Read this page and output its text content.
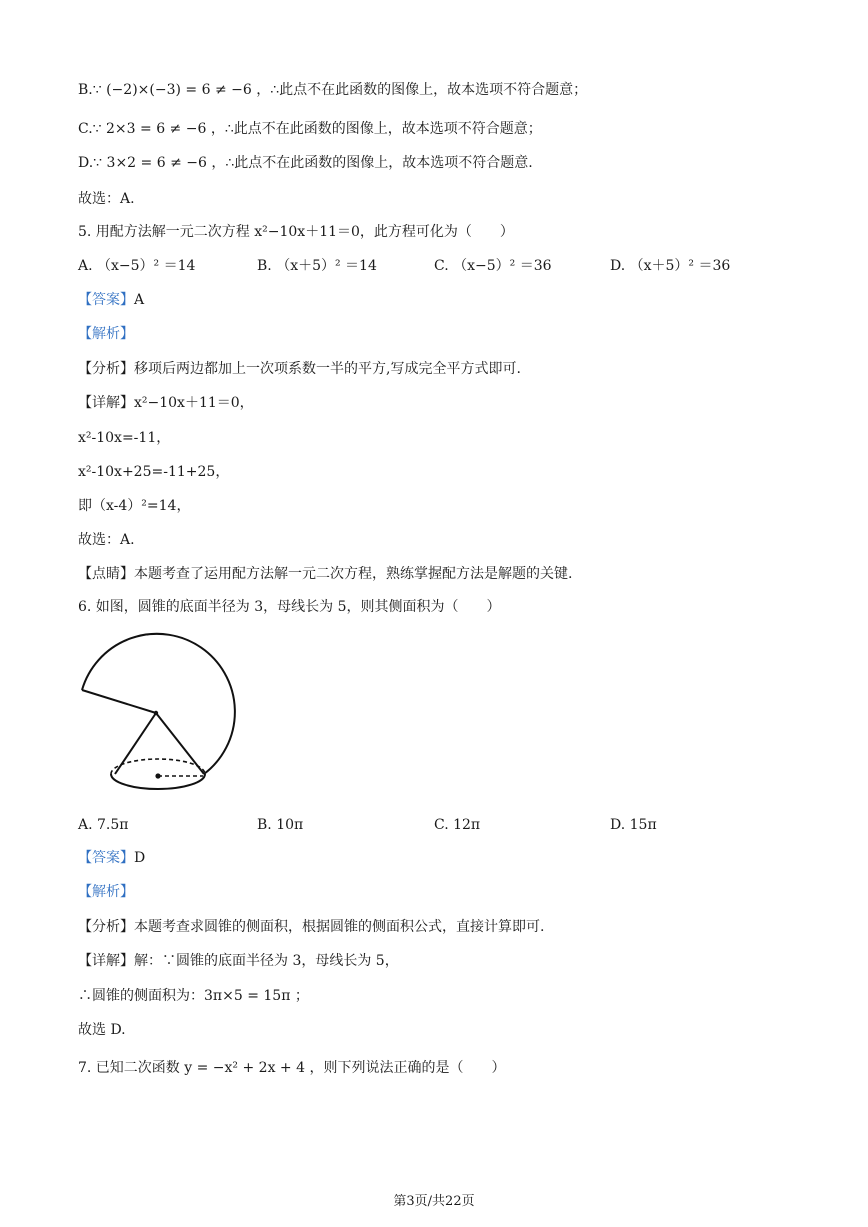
B.∵ (−2)×(−3) = 6 ≠ −6 ，∴此点不在此函数的图像上，故本选项不符合题意；
C.∵ 2×3 = 6 ≠ −6 ，∴此点不在此函数的图像上，故本选项不符合题意；
D.∵ 3×2 = 6 ≠ −6 ，∴此点不在此函数的图像上，故本选项不符合题意.
故选：A.
5. 用配方法解一元二次方程 x²−10x＋11＝0，此方程可化为（　　）
A. （x−5）² ＝14	B. （x＋5）² ＝14	C. （x−5）² ＝36	D. （x＋5）² ＝36
【答案】A
【解析】
【分析】移项后两边都加上一次项系数一半的平方,写成完全平方式即可.
【详解】x²−10x＋11＝0，
x²-10x=-11，
x²-10x+25=-11+25，
即（x-4）²=14，
故选：A.
【点睛】本题考查了运用配方法解一元二次方程，熟练掌握配方法是解题的关键.
6. 如图，圆锥的底面半径为 3，母线长为 5，则其侧面积为（　　）
A. 7.5π	B. 10π	C. 12π	D. 15π
【答案】D
【解析】
【分析】本题考查求圆锥的侧面积，根据圆锥的侧面积公式，直接计算即可.
【详解】解：∵圆锥的底面半径为 3，母线长为 5，
∴圆锥的侧面积为：3π×5 = 15π ；
故选 D.
7. 已知二次函数 y = −x² + 2x + 4 ，则下列说法正确的是（　　）
第3页/共22页
